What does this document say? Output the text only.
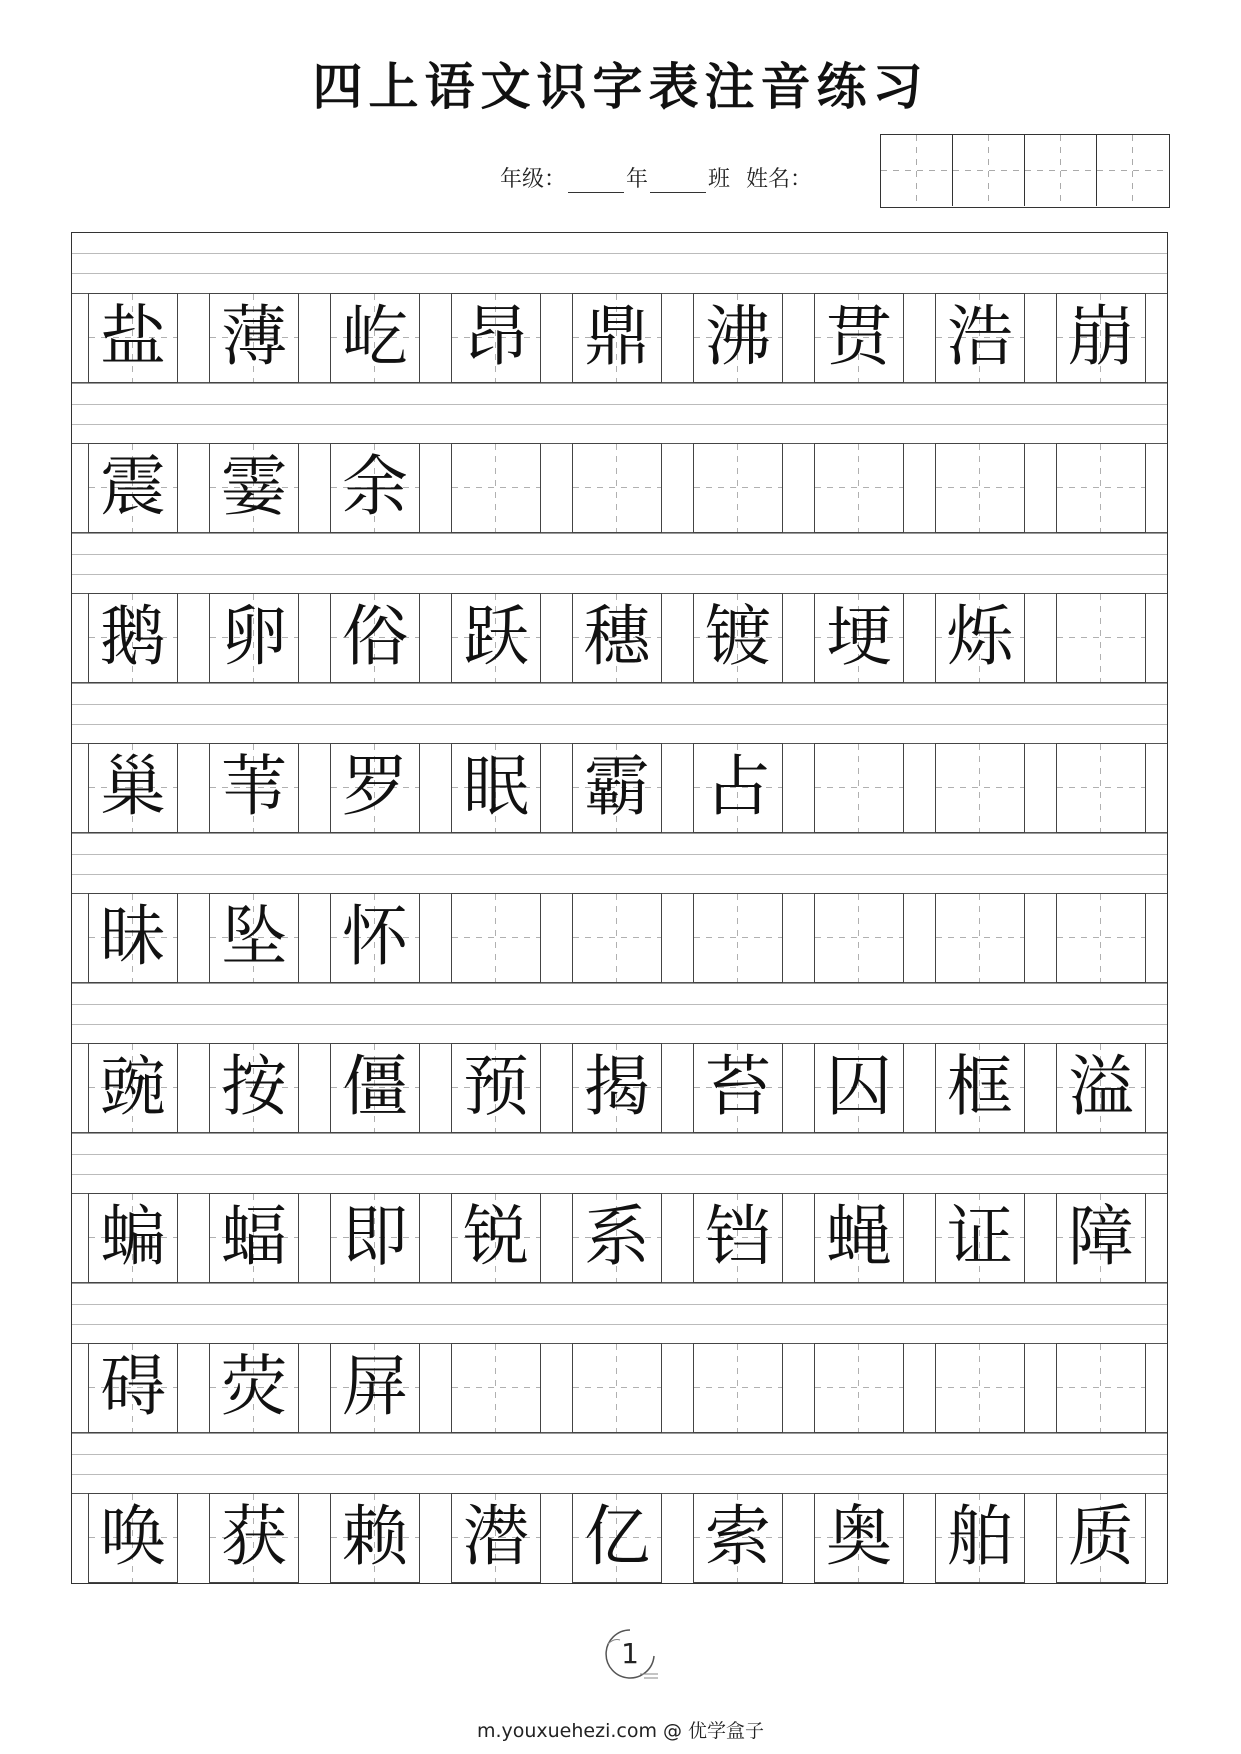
四上语文识字表注音练习
年级：	年	班 姓名：
盐 薄 屹 昂 鼎 沸 贯 浩 崩
震 霎 余
鹅 卵 俗 跃 穗 镀 埂 烁
巢 苇 罗 眠 霸 占
昧 坠 怀
豌 按 僵 预 揭 苔 囚 框 溢
蝙 蝠 即 锐 系 铛 蝇 证 障
碍 荧 屏
唤 获 赖 潜 亿 索 奥 舶 质
1
m.youxuehezi.com @ 优学盒子
